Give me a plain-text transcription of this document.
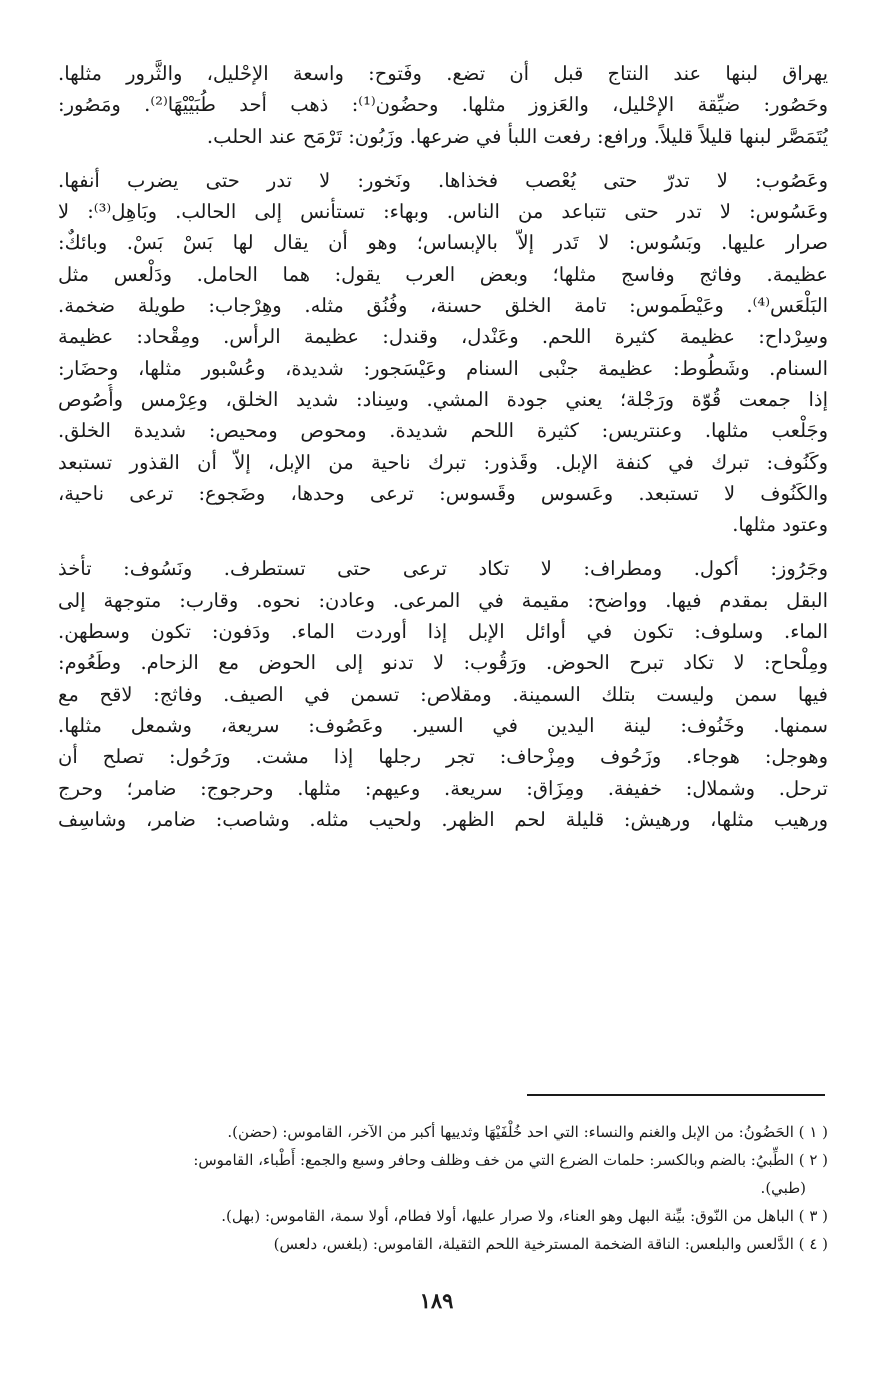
يهراق لبنها عند النتاج قبل أن تضع. وفَتوح: واسعة الإحْليل، والثَّرور مثلها.
وحَصُور: ضيِّقة الإحْليل، والعَزوز مثلها. وحضُون⁽¹⁾: ذهب أحد طُبَيْيْهَا⁽²⁾. ومَصُور:
يُتَمَصَّر لبنها قليلاً قليلاً. ورافع: رفعت اللبأ في ضرعها. وزَبُون: تَرْمَح عند الحلب.
وعَصُوب: لا تدرّ حتى يُعْصب فخذاها. ونَخور: لا تدر حتى يضرب أنفها.
وعَسُوس: لا تدر حتى تتباعد من الناس. وبهاء: تستأنس إلى الحالب. وبَاهِل⁽³⁾: لا
صرار عليها. وبَسُوس: لا تَدر إلاّ بالإبساس؛ وهو أن يقال لها بَسْ بَسْ. وبائكٌ:
عظيمة. وفاثج وفاسج مثلها؛ وبعض العرب يقول: هما الحامل. ودَلْعس مثل
البَلْعَس⁽⁴⁾. وعَيْطَموس: تامة الخلق حسنة، وفُنُق مثله. وهِرْجاب: طويلة ضخمة.
وسِرْداح: عظيمة كثيرة اللحم. وعَنْدل، وقندل: عظيمة الرأس. ومِقْحاد: عظيمة
السنام. وشَطُوط: عظيمة جنْبى السنام وعَيْسَجور: شديدة، وعُسْبور مثلها، وحضَار:
إذا جمعت قُوّة ورَجْلة؛ يعني جودة المشي. وسِناد: شديد الخلق، وعِرْمس وأُصُوص
وجَلْعب مثلها. وعنتريس: كثيرة اللحم شديدة. ومحوص ومحيص: شديدة الخلق.
وكَنُوف: تبرك في كنفة الإبل. وقَذور: تبرك ناحية من الإبل، إلاّ أن القذور تستبعد
والكَنُوف لا تستبعد. وعَسوس وقَسوس: ترعى وحدها، وضَجوع: ترعى ناحية،
وعتود مثلها.
وجَرُوز: أكول. ومطراف: لا تكاد ترعى حتى تستطرف. ونَسُوف: تأخذ
البقل بمقدم فيها. وواضح: مقيمة في المرعى. وعادن: نحوه. وقارب: متوجهة إلى
الماء. وسلوف: تكون في أوائل الإبل إذا أوردت الماء. ودَفون: تكون وسطهن.
ومِلْحاح: لا تكاد تبرح الحوض. ورَقُوب: لا تدنو إلى الحوض مع الزحام. وطَعُوم:
فيها سمن وليست بتلك السمينة. ومقلاص: تسمن في الصيف. وفاثج: لاقح مع
سمنها. وخَنُوف: لينة اليدين في السير. وعَصُوف: سريعة، وشمعل مثلها.
وهوجل: هوجاء. وزَحُوف ومِزْحاف: تجر رجلها إذا مشت. ورَحُول: تصلح أن
ترحل. وشملال: خفيفة. ومِزَاق: سريعة. وعيهم: مثلها. وحرجوج: ضامر؛ وحرج
ورهيب مثلها، ورهيش: قليلة لحم الظهر. ولحيب مثله. وشاصب: ضامر، وشاسِف
( ١ ) الحَضُونُ: من الإبل والغنم والنساء: التي احد خُلْفَيْهَا وثدييها أكبر من الآخر، القاموس: (حضن).
( ٢ ) الطِّبيُ: بالضم وبالكسر: حلمات الضرع التي من خف وظلف وحافر وسبع والجمع: أَطْباء، القاموس:
(طبي).
( ٣ ) الباهل من النّوق: بيِّنة البهل وهو العناء، ولا صرار عليها، أولا فطام، أولا سمة، القاموس: (بهل).
( ٤ ) الدَّلعس والبلعس: الناقة الضخمة المسترخية اللحم الثقيلة، القاموس: (بلغس، دلعس)
١٨٩
